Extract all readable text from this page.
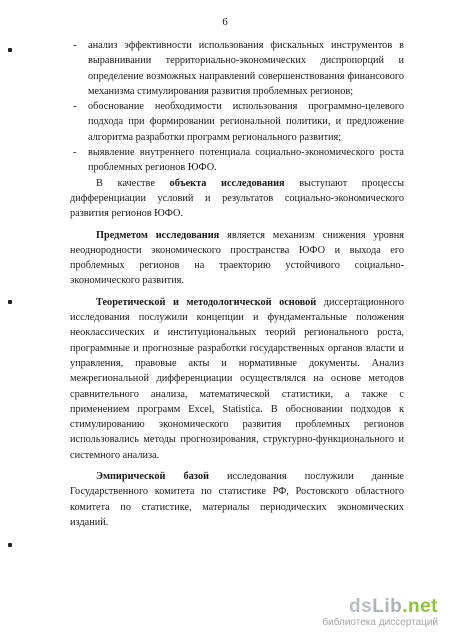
6
- анализ эффективности использования фискальных инструментов в выравнивании территориально-экономических диспропорций и определение возможных направлений совершенствования финансового механизма стимулирования развития проблемных регионов;
- обоснование необходимости использования программно-целевого подхода при формировании региональной политики, и предложение алгоритма разработки программ регионального развития;
- выявление внутреннего потенциала социально-экономического роста проблемных регионов ЮФО.
В качестве объекта исследования выступают процессы дифференциации условий и результатов социально-экономического развития регионов ЮФО.
Предметом исследования является механизм снижения уровня неоднородности экономического пространства ЮФО и выхода его проблемных регионов на траекторию устойчивого социально-экономического развития.
Теоретической и методологической основой диссертационного исследования послужили концепции и фундаментальные положения неоклассических и институциональных теорий регионального роста, программные и прогнозные разработки государственных органов власти и управления, правовые акты и нормативные документы. Анализ межрегиональной дифференциации осуществлялся на основе методов сравнительного анализа, математической статистики, а также с применением программ Excel, Statistica. В обосновании подходов к стимулированию экономического развития проблемных регионов использовались методы прогнозирования, структурно-функционального и системного анализа.
Эмпирической базой исследования послужили данные Государственного комитета по статистике РФ, Ростовского областного комитета по статистике, материалы периодических экономических изданий.
dsLib.net
библиотека диссертаций
